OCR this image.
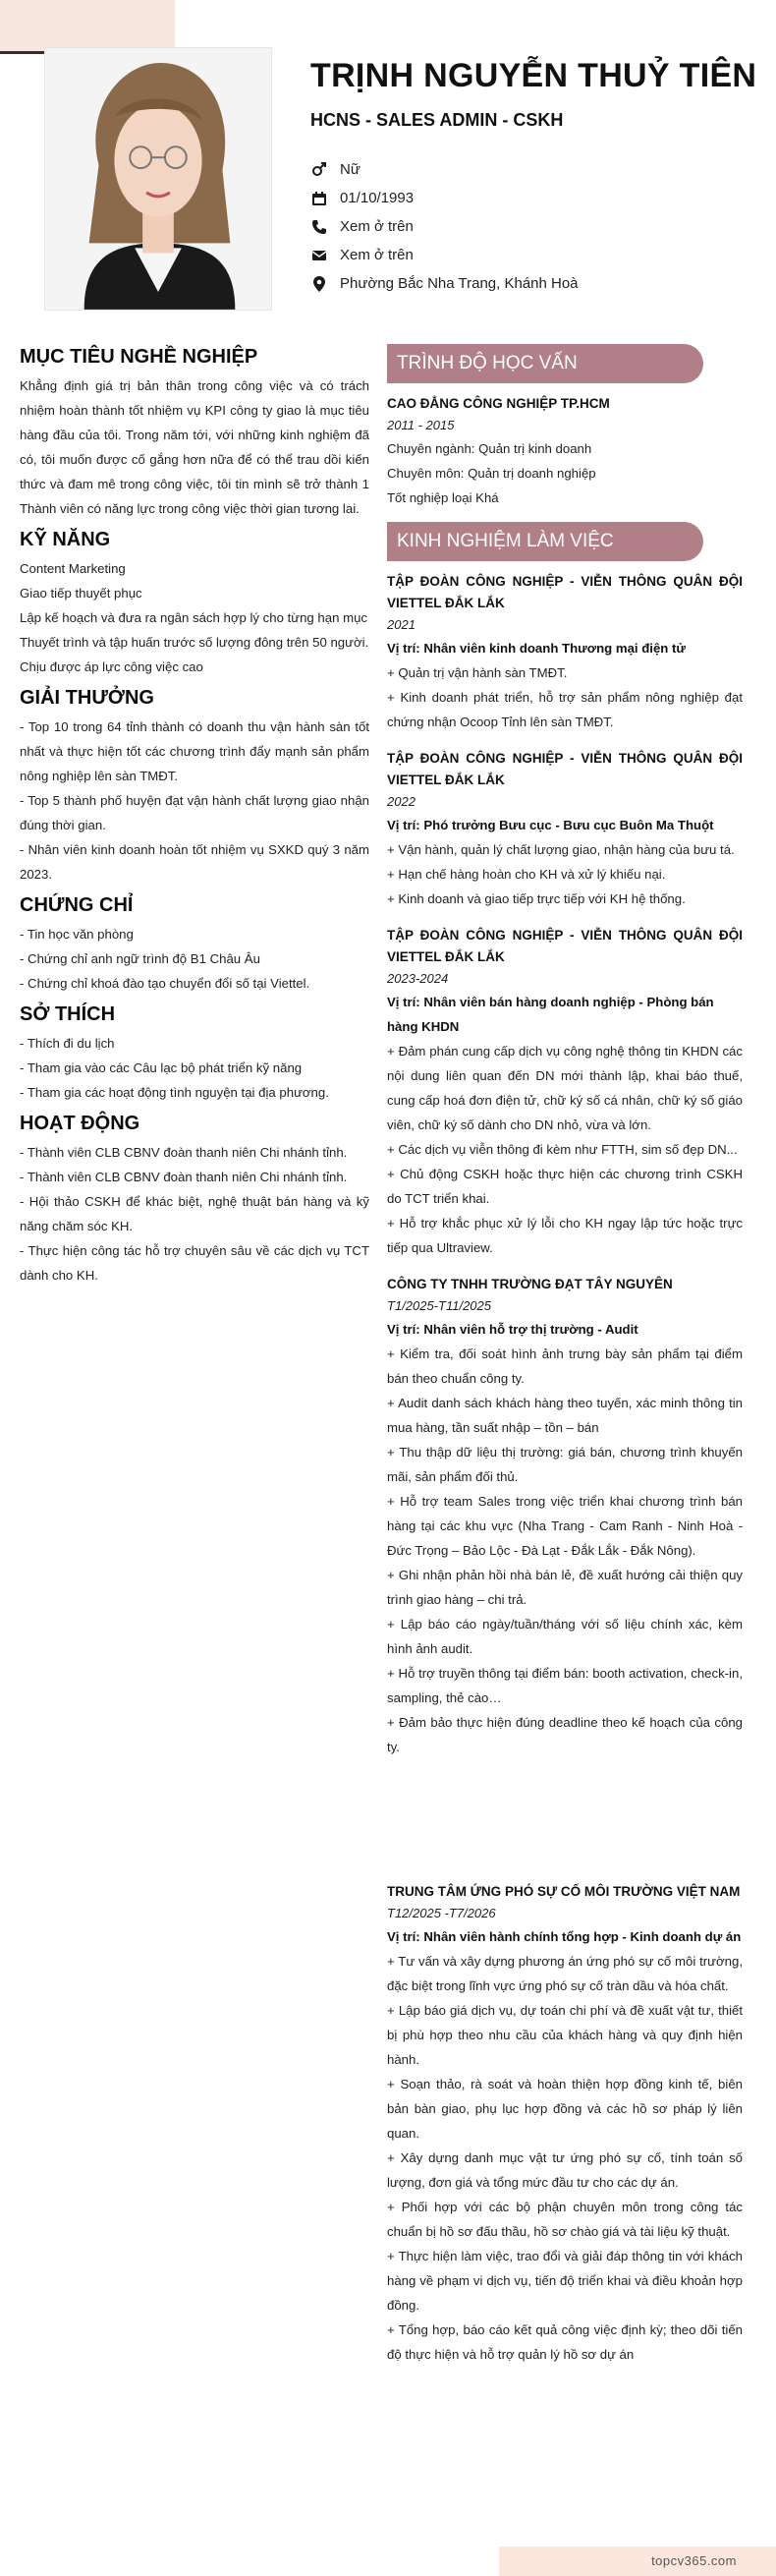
TRỊNH NGUYỄN THUỶ TIÊN
HCNS - SALES ADMIN - CSKH
Nữ
01/10/1993
Xem ở trên
Xem ở trên
Phường Bắc Nha Trang, Khánh Hoà
MỤC TIÊU NGHỀ NGHIỆP

Khẳng định giá trị bản thân trong công việc và có trách nhiệm hoàn thành tốt nhiệm vụ KPI công ty giao là mục tiêu hàng đầu của tôi. Trong năm tới, với những kinh nghiệm đã có, tôi muốn được cố gắng hơn nữa để có thể trau dồi kiến thức và đam mê trong công việc, tôi tin mình sẽ trở thành 1 Thành viên có năng lực trong công việc thời gian tương lai.

KỸ NĂNG
Content Marketing
Giao tiếp thuyết phục
Lập kế hoạch và đưa ra ngân sách hợp lý cho từng hạn mục
Thuyết trình và tập huấn trước số lượng đông trên 50 người.
Chịu được áp lực công việc cao
GIẢI THƯỞNG

- Top 10 trong 64 tỉnh thành có doanh thu vận hành sàn tốt nhất và thực hiện tốt các chương trình đẩy mạnh sản phẩm nông nghiệp lên sàn TMĐT.

- Top 5 thành phố huyện đạt vận hành chất lượng giao nhận đúng thời gian.

- Nhân viên kinh doanh hoàn tốt nhiệm vụ SXKD quý 3 năm 2023.

CHỨNG CHỈ
- Tin học văn phòng
- Chứng chỉ anh ngữ trình độ B1 Châu Âu
- Chứng chỉ khoá đào tạo chuyển đổi số tại Viettel.
SỞ THÍCH
- Thích đi du lịch
- Tham gia vào các Câu lạc bộ phát triển kỹ năng
- Tham gia các hoạt động tình nguyện tại địa phương.
HOẠT ĐỘNG

- Thành viên CLB CBNV đoàn thanh niên Chi nhánh tỉnh.

- Thành viên CLB CBNV đoàn thanh niên Chi nhánh tỉnh.

- Hội thảo CSKH để khác biệt, nghệ thuật bán hàng và kỹ năng chăm sóc KH.

- Thực hiện công tác hỗ trợ chuyên sâu về các dịch vụ TCT dành cho KH.

TRÌNH ĐỘ HỌC VẤN
CAO ĐẲNG CÔNG NGHIỆP TP.HCM
2011 - 2015
Chuyên ngành: Quản trị kinh doanh
Chuyên môn: Quản trị doanh nghiệp
Tốt nghiệp loại Khá
KINH NGHIỆM LÀM VIỆC
TẬP ĐOÀN CÔNG NGHIỆP - VIỄN THÔNG QUÂN ĐỘI VIETTEL ĐẮK LẮK
2021
Vị trí: Nhân viên kinh doanh Thương mại điện tử
+ Quản trị vận hành sàn TMĐT.
+ Kinh doanh phát triển, hỗ trợ sản phẩm nông nghiệp đạt chứng nhận Ocoop Tỉnh lên sàn TMĐT.
TẬP ĐOÀN CÔNG NGHIỆP - VIỄN THÔNG QUÂN ĐỘI VIETTEL ĐẮK LẮK
2022
Vị trí: Phó trưởng Bưu cục - Bưu cục Buôn Ma Thuột
+ Vận hành, quản lý chất lượng giao, nhận hàng của bưu tá.
+ Hạn chế hàng hoàn cho KH và xử lý khiếu nại.
+ Kinh doanh và giao tiếp trực tiếp với KH hệ thống.
TẬP ĐOÀN CÔNG NGHIỆP - VIỄN THÔNG QUÂN ĐỘI VIETTEL ĐẮK LẮK
2023-2024
Vị trí: Nhân viên bán hàng doanh nghiệp - Phòng bán hàng KHDN
+ Đảm phán cung cấp dịch vụ công nghệ thông tin KHDN các nội dung liên quan đến DN mới thành lập, khai báo thuế, cung cấp hoá đơn điện tử, chữ ký số cá nhân, chữ ký số giáo viên, chữ ký số dành cho DN nhỏ, vừa và lớn.
+ Các dịch vụ viễn thông đi kèm như FTTH, sim số đẹp DN...
+ Chủ động CSKH hoặc thực hiện các chương trình CSKH do TCT triển khai.
+ Hỗ trợ khắc phục xử lý lỗi cho KH ngay lập tức hoặc trực tiếp qua Ultraview.
CÔNG TY TNHH TRƯỜNG ĐẠT TÂY NGUYÊN
T1/2025-T11/2025
Vị trí: Nhân viên hỗ trợ thị trường - Audit
+ Kiểm tra, đối soát hình ảnh trưng bày sản phẩm tại điểm bán theo chuẩn công ty.
+ Audit danh sách khách hàng theo tuyến, xác minh thông tin mua hàng, tần suất nhập – tồn – bán
+ Thu thập dữ liệu thị trường: giá bán, chương trình khuyến mãi, sản phẩm đối thủ.
+ Hỗ trợ team Sales trong việc triển khai chương trình bán hàng tại các khu vực (Nha Trang - Cam Ranh - Ninh Hoà - Đức Trọng – Bảo Lộc - Đà Lạt - Đắk Lắk - Đắk Nông).
+ Ghi nhận phản hồi nhà bán lẻ, đề xuất hướng cải thiện quy trình giao hàng – chi trả.
+ Lập báo cáo ngày/tuần/tháng với số liệu chính xác, kèm hình ảnh audit.
+ Hỗ trợ truyền thông tại điểm bán: booth activation, check-in, sampling, thẻ cào…
+ Đảm bảo thực hiện đúng deadline theo kế hoạch của công ty.
TRUNG TÂM ỨNG PHÓ SỰ CỐ MÔI TRƯỜNG VIỆT NAM
T12/2025 -T7/2026
Vị trí: Nhân viên hành chính tổng hợp - Kinh doanh dự án
+ Tư vấn và xây dựng phương án ứng phó sự cố môi trường, đặc biệt trong lĩnh vực ứng phó sự cố tràn dầu và hóa chất.
+ Lập báo giá dịch vụ, dự toán chi phí và đề xuất vật tư, thiết bị phù hợp theo nhu cầu của khách hàng và quy định hiện hành.
+ Soạn thảo, rà soát và hoàn thiện hợp đồng kinh tế, biên bản bàn giao, phụ lục hợp đồng và các hồ sơ pháp lý liên quan.
+ Xây dựng danh mục vật tư ứng phó sự cố, tính toán số lượng, đơn giá và tổng mức đầu tư cho các dự án.
+ Phối hợp với các bộ phận chuyên môn trong công tác chuẩn bị hồ sơ đấu thầu, hồ sơ chào giá và tài liệu kỹ thuật.
+ Thực hiện làm việc, trao đổi và giải đáp thông tin với khách hàng về phạm vi dịch vụ, tiến độ triển khai và điều khoản hợp đồng.
+ Tổng hợp, báo cáo kết quả công việc định kỳ; theo dõi tiến độ thực hiện và hỗ trợ quản lý hồ sơ dự án
topcv365.com
